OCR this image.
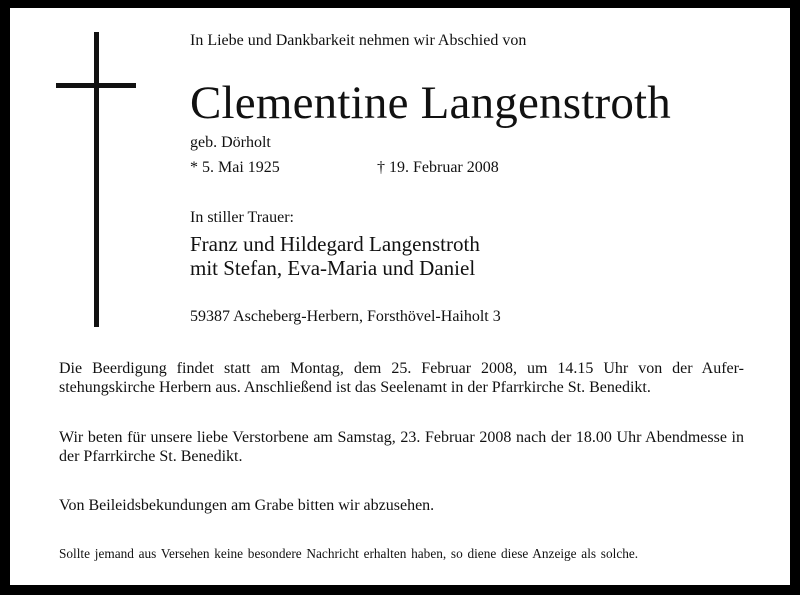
In Liebe und Dankbarkeit nehmen wir Abschied von
Clementine Langenstroth
geb. Dörholt
* 5. Mai 1925	† 19. Februar 2008
In stiller Trauer:
Franz und Hildegard Langenstroth
mit Stefan, Eva-Maria und Daniel
59387 Ascheberg-Herbern, Forsthövel-Haiholt 3
Die Beerdigung findet statt am Montag, dem 25. Februar 2008, um 14.15 Uhr von der Aufer- stehungskirche Herbern aus. Anschließend ist das Seelenamt in der Pfarrkirche St. Benedikt.
Wir beten für unsere liebe Verstorbene am Samstag, 23. Februar 2008 nach der 18.00 Uhr Abendmesse in der Pfarrkirche St. Benedikt.
Von Beileidsbekundungen am Grabe bitten wir abzusehen.
Sollte jemand aus Versehen keine besondere Nachricht erhalten haben, so diene diese Anzeige als solche.
